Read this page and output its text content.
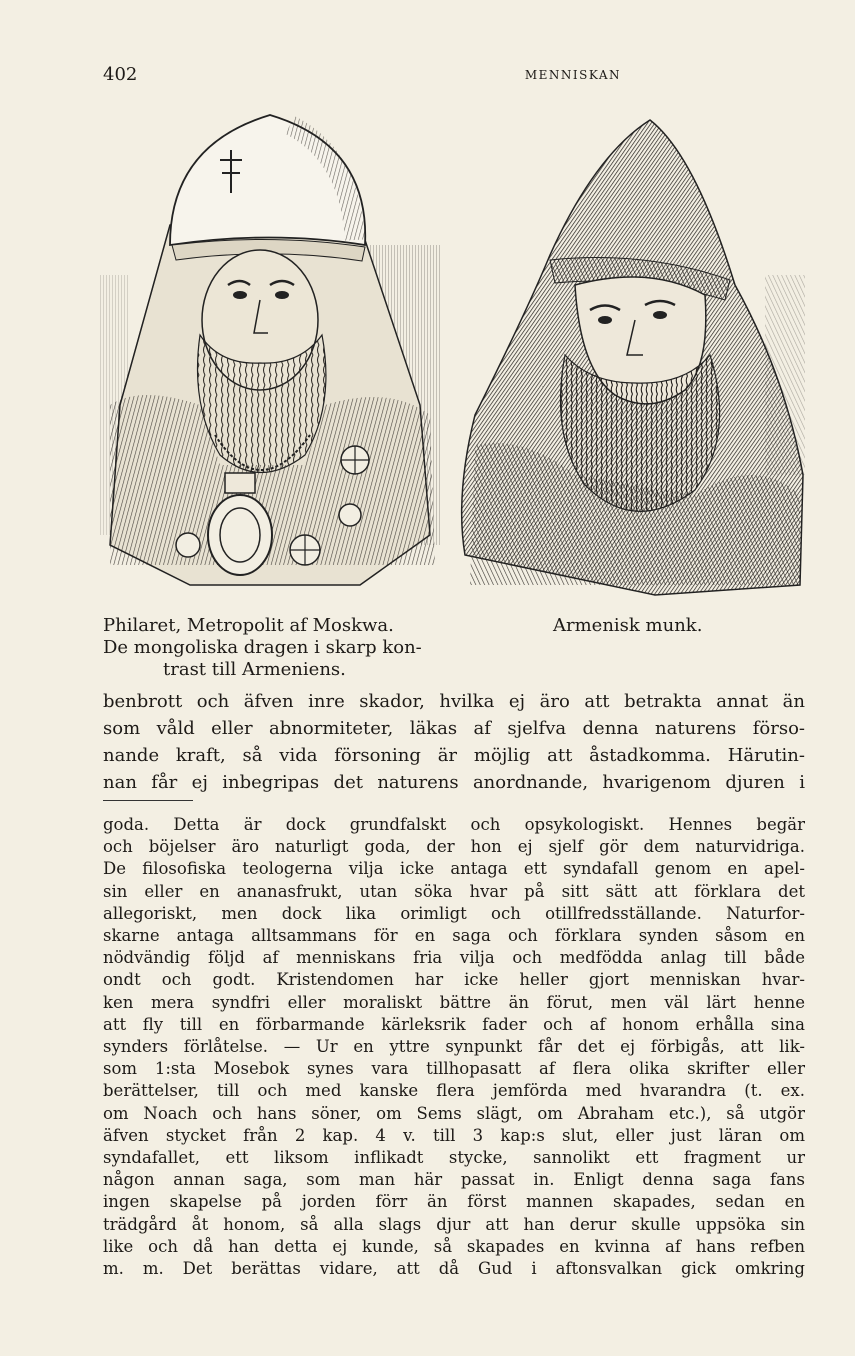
402	MENNISKAN
Philaret, Metropolit af Moskwa.
De mongoliska dragen i skarp kon-
trast till Armeniens.
Armenisk munk.
benbrott och äfven inre skador, hvilka ej äro att betrakta annat än
som våld eller abnormiteter, läkas af sjelfva denna naturens förso-
nande kraft, så vida försoning är möjlig att åstadkomma. Härutin-
nan får ej inbegripas det naturens anordnande, hvarigenom djuren i
goda. Detta är dock grundfalskt och opsykologiskt. Hennes begär
och böjelser äro naturligt goda, der hon ej sjelf gör dem naturvidriga.
De filosofiska teologerna vilja icke antaga ett syndafall genom en apel-
sin eller en ananasfrukt, utan söka hvar på sitt sätt att förklara det
allegoriskt, men dock lika orimligt och otillfredsställande. Naturfor-
skarne antaga alltsammans för en saga och förklara synden såsom en
nödvändig följd af menniskans fria vilja och medfödda anlag till både
ondt och godt. Kristendomen har icke heller gjort menniskan hvar-
ken mera syndfri eller moraliskt bättre än förut, men väl lärt henne
att fly till en förbarmande kärleksrik fader och af honom erhålla sina
synders förlåtelse. — Ur en yttre synpunkt får det ej förbigås, att lik-
som 1:sta Mosebok synes vara tillhopasatt af flera olika skrifter eller
berättelser, till och med kanske flera jemförda med hvarandra (t. ex.
om Noach och hans söner, om Sems slägt, om Abraham etc.), så utgör
äfven stycket från 2 kap. 4 v. till 3 kap:s slut, eller just läran om
syndafallet, ett liksom inflikadt stycke, sannolikt ett fragment ur
någon annan saga, som man här passat in. Enligt denna saga fans
ingen skapelse på jorden förr än först mannen skapades, sedan en
trädgård åt honom, så alla slags djur att han derur skulle uppsöka sin
like och då han detta ej kunde, så skapades en kvinna af hans refben
m. m. Det berättas vidare, att då Gud i aftonsvalkan gick omkring
